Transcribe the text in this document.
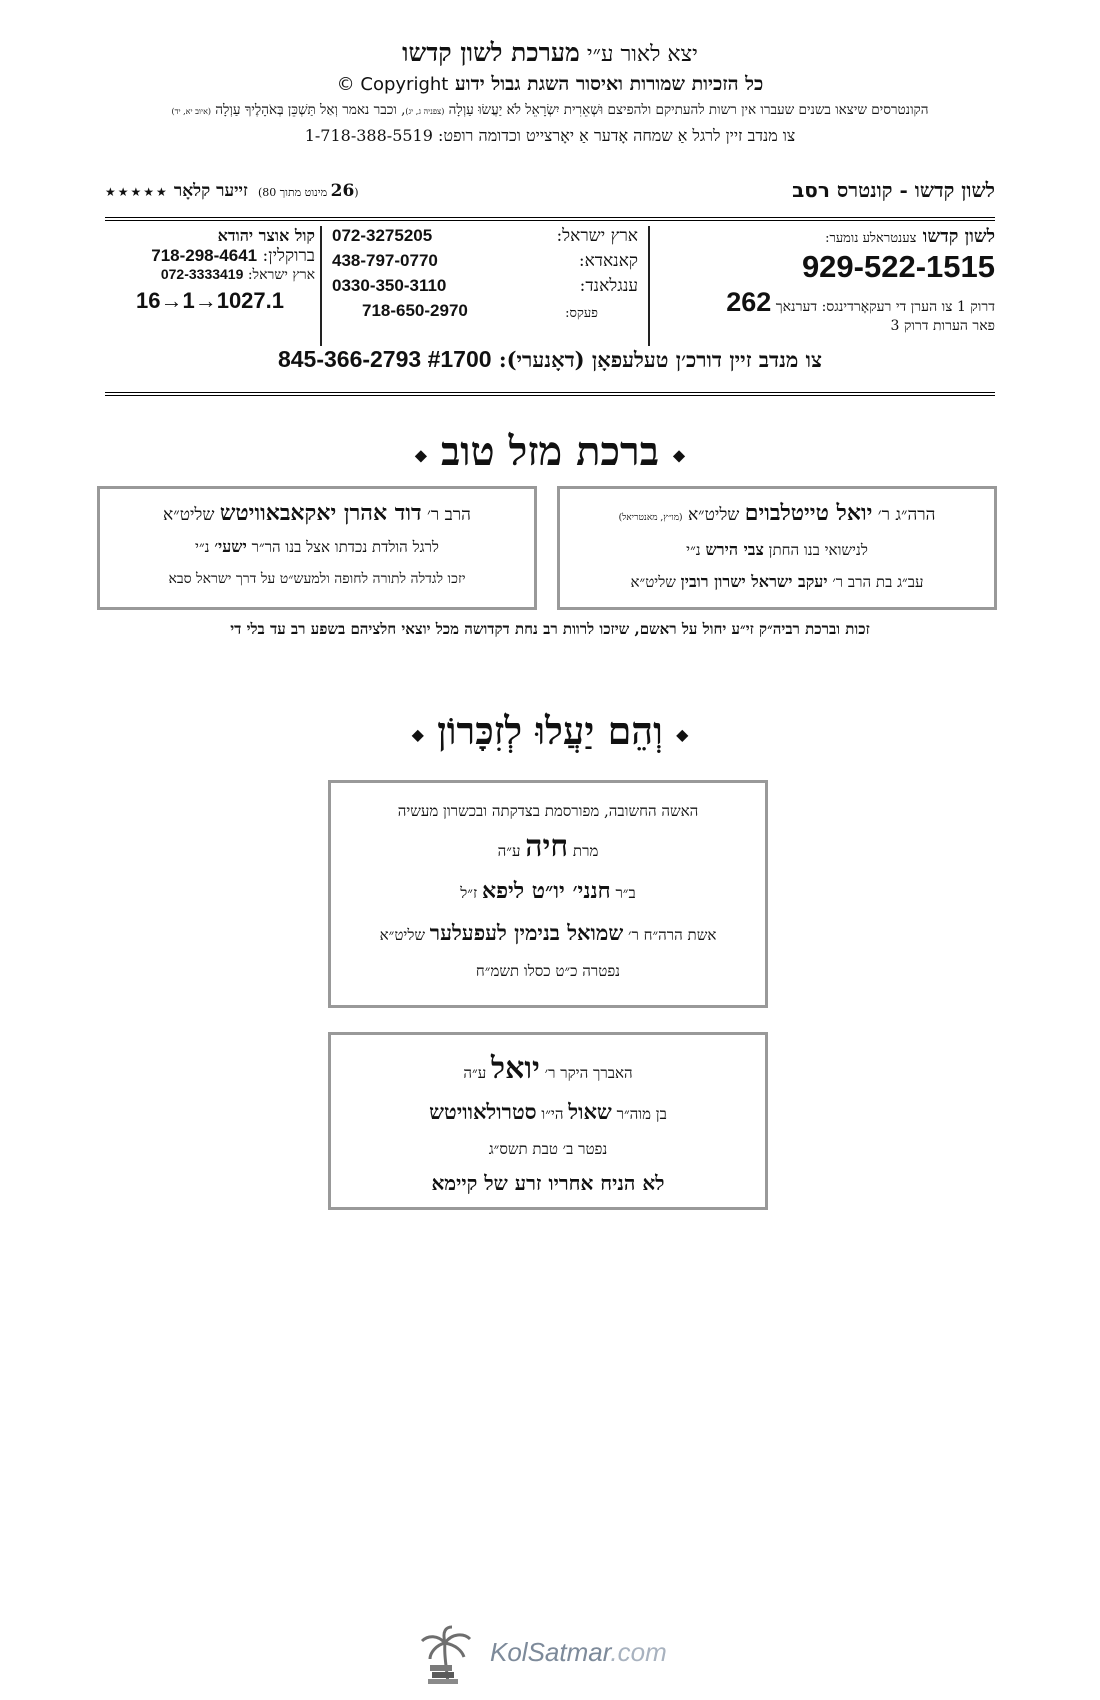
יצא לאור ע״י מערכת לשון קדשו
כל הזכיות שמורות ואיסור השגת גבול ידוע Copyright ©
הקונטרסים שיצאו בשנים שעברו אין רשות להעתיקם ולהפיצם וּשְׁאֵרִית יִשְׂרָאֵל לֹא יַעֲשׂוּ עַוְלָה (צפניה ג, יג), וכבר נאמר וְאַל תַּשְׁכֵּן בְּאֹהָלֶיךָ עַוְלָה (איוב יא, יד)
צו מנדב זיין לרגל אַ שמחה אָדער אַ יאָרצייט וכדומה רופט: 1-718-388-5519
לשון קדשו - קונטרס רסב
(26 מינוט מתוך 80)  זייער קלאָר ★★★★★
לשון קדשו צענטראלע נומער:
929-522-1515
דרוק 1 צו הערן די רעקאָרדינגס: דערנאך 262
פאר הערות דרוק 3
ארץ ישראל:
072-3275205
קאנאדא:
438-797-0770
ענגלאנד:
0330-350-3110
פעקס:
718-650-2970
קול אוצר יהודא
ברוקלין: 718-298-4641
ארץ ישראל: 072-3333419
16→1→1027.1
צו מנדב זיין דורכ׳ן טעלעפאָן (דאָנערי): 845-366-2793 #1700
◆ ברכת מזל טוב ◆
הרה״ג ר׳ יואל טייטלבוים שליט״א (מו״ץ, מאנטריאל)
לנישואי בנו החתן צבי הירש נ״י
עב״ג בת הרב ר׳ יעקב ישראל ישרון רובין שליט״א
הרב ר׳ דוד אהרן יאקאבאוויטש שליט״א
לרגל הולדת נכדתו אצל בנו הר״ר ישעי׳ נ״י
יזכו לגדלה לתורה לחופה ולמעש״ט על דרך ישראל סבא
זכות וברכת רביה״ק זי״ע יחול על ראשם, שיזכו לרוות רב נחת דקדושה מכל יוצאי חלציהם בשפע רב עד בלי די
◆ וְהֵם יַעֲלוּ לְזִכָּרוֹן ◆
האשה החשובה, מפורסמת בצדקתה ובכשרון מעשיה
מרת חיה ע״ה
ב״ר חנני׳ יו״ט ליפא ז״ל
אשת הרה״ח ר׳ שמואל בנימין לעפעלער שליט״א
נפטרה כ״ט כסלו תשמ״ח
האברך היקר ר׳ יואל ע״ה
בן מוה״ר שאול הי״ו סטרולאוויטש
נפטר ב׳ טבת תשס״ג
לא הניח אחריו זרע של קיימא
KolSatmar.com
